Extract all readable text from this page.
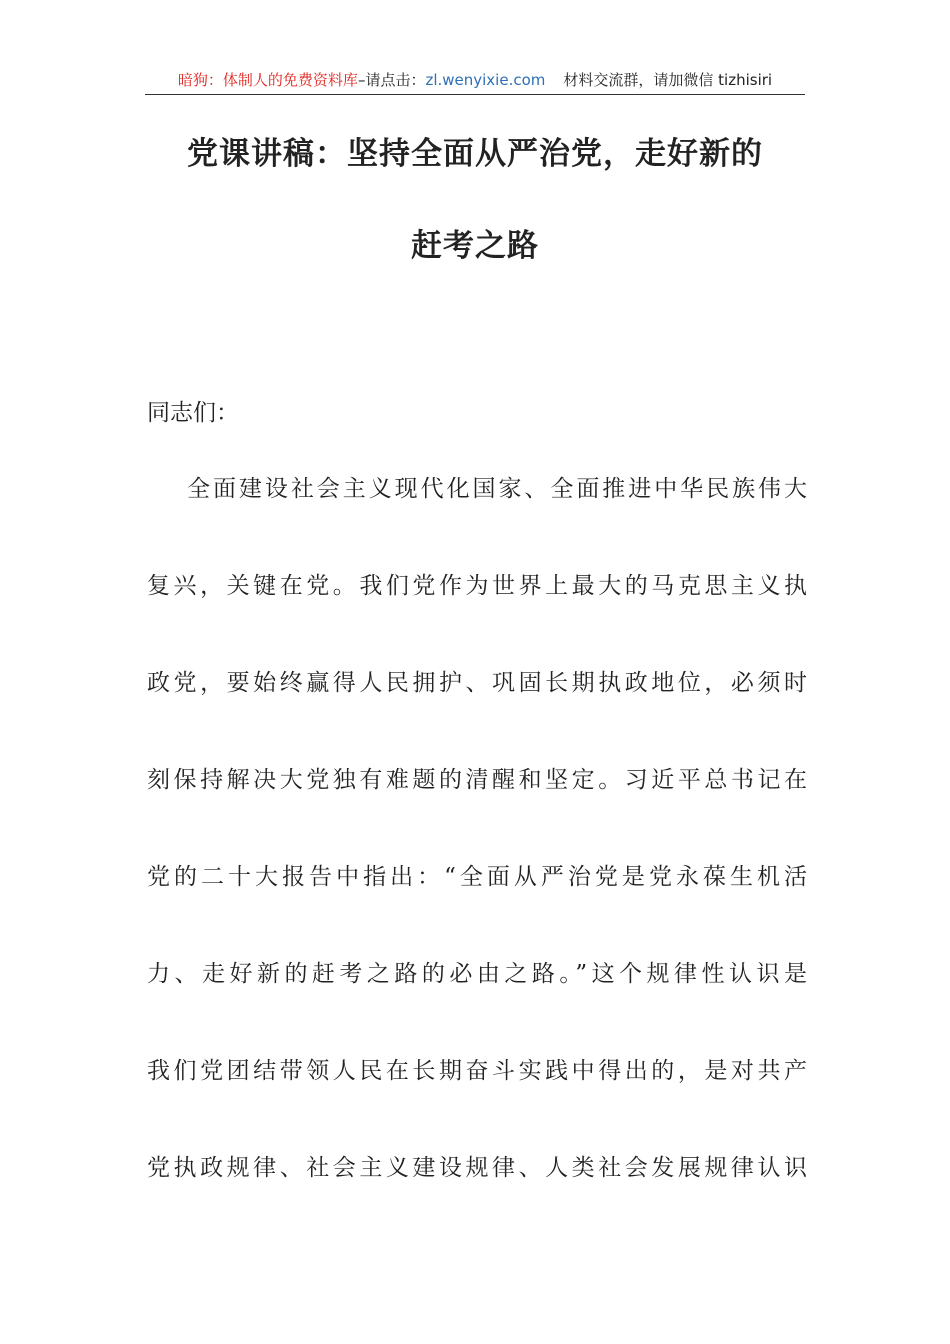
暗狗：体制人的免费资料库–请点击：zl.wenyixie.com 材料交流群，请加微信 tizhisiri
党课讲稿：坚持全面从严治党，走好新的
赶考之路

同志们：

全面建设社会主义现代化国家、全面推进中华民族伟大

复兴，关键在党。我们党作为世界上最大的马克思主义执

政党，要始终赢得人民拥护、巩固长期执政地位，必须时

刻保持解决大党独有难题的清醒和坚定。习近平总书记在

党的二十大报告中指出：“全面从严治党是党永葆生机活

力、走好新的赶考之路的必由之路。”这个规律性认识是

我们党团结带领人民在长期奋斗实践中得出的，是对共产

党执政规律、社会主义建设规律、人类社会发展规律认识
